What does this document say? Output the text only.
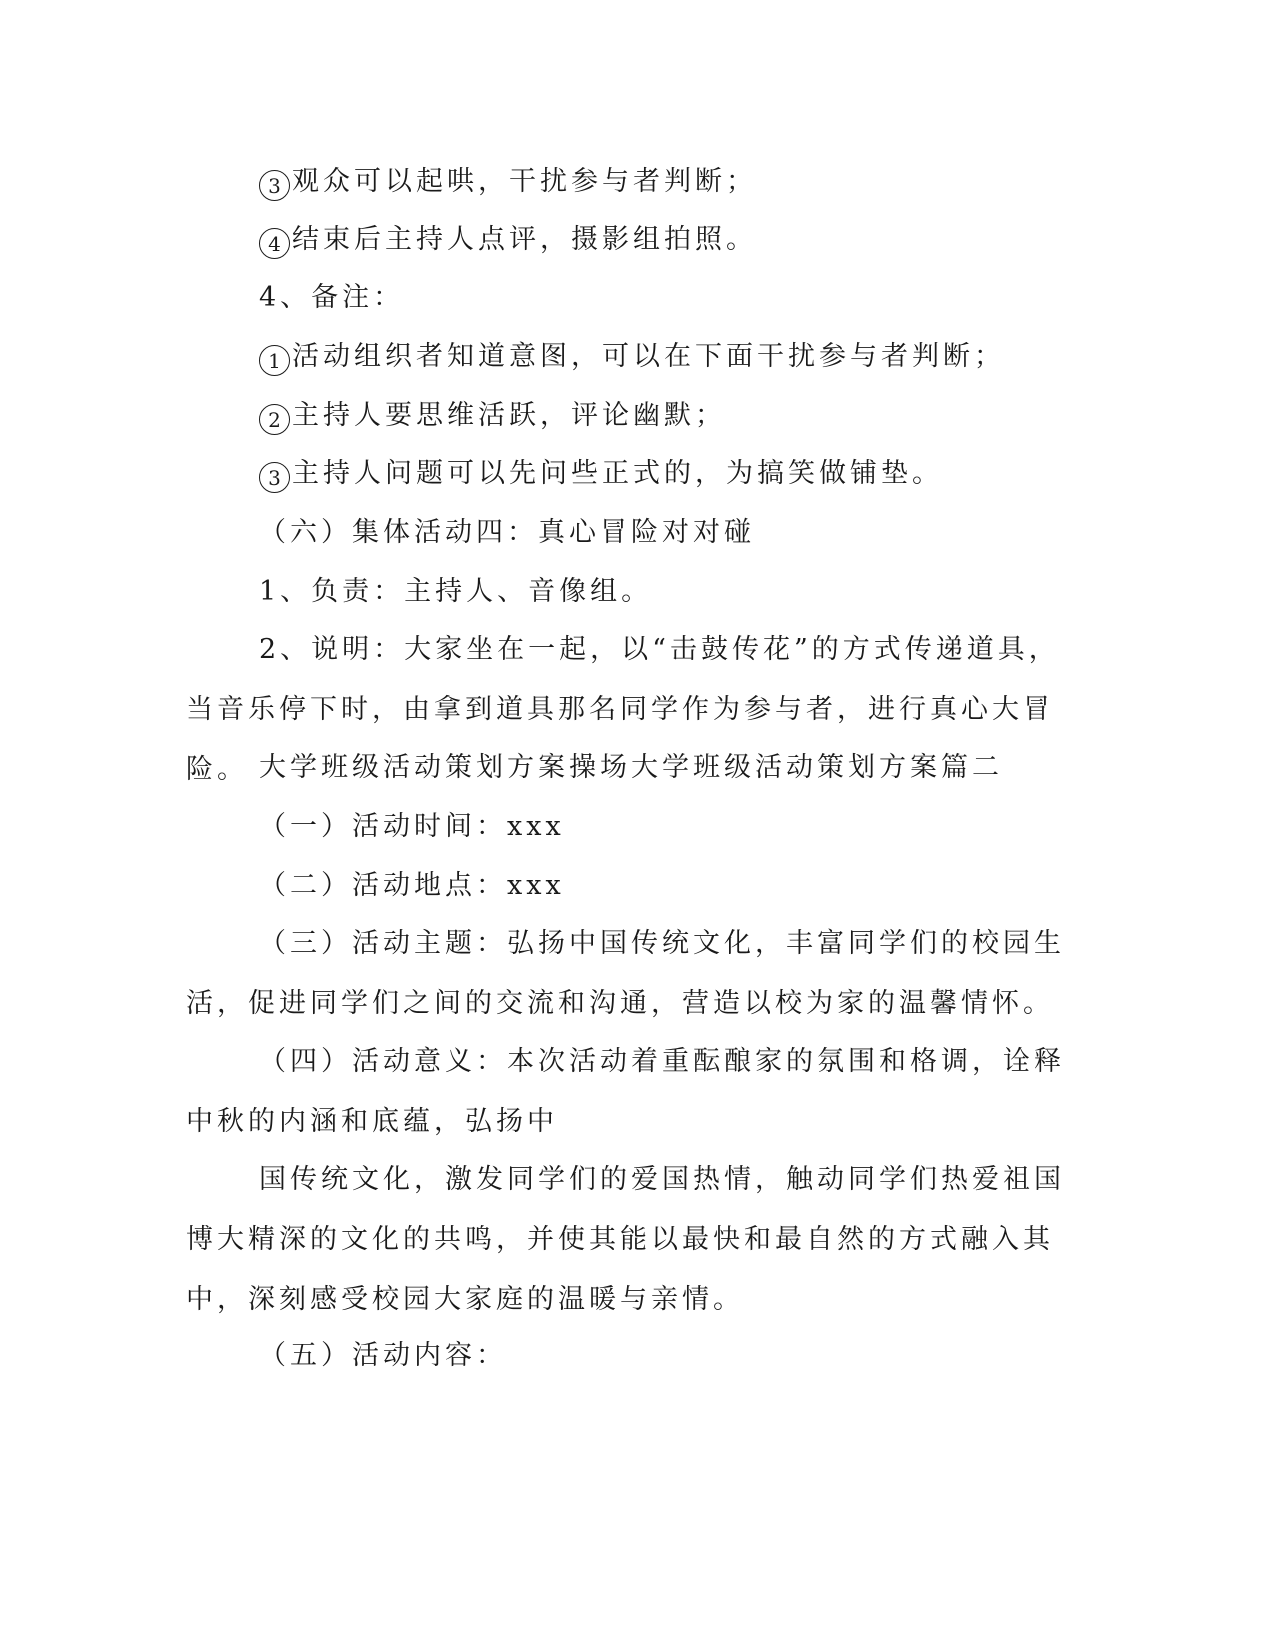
3 观众可以起哄，干扰参与者判断；

4 结束后主持人点评，摄影组拍照。

4、备注：

1 活动组织者知道意图，可以在下面干扰参与者判断；

2 主持人要思维活跃，评论幽默；

3 主持人问题可以先问些正式的，为搞笑做铺垫。

（六）集体活动四：真心冒险对对碰

1、负责：主持人、音像组。

2、说明：大家坐在一起，以“击鼓传花”的方式传递道具，当音乐停下时，由拿到道具那名同学作为参与者，进行真心大冒险。 大学班级活动策划方案操场大学班级活动策划方案篇二

（一）活动时间：xxx

（二）活动地点：xxx

（三）活动主题：弘扬中国传统文化，丰富同学们的校园生活，促进同学们之间的交流和沟通，营造以校为家的温馨情怀。

（四）活动意义：本次活动着重酝酿家的氛围和格调，诠释中秋的内涵和底蕴，弘扬中

国传统文化，激发同学们的爱国热情，触动同学们热爱祖国博大精深的文化的共鸣，并使其能以最快和最自然的方式融入其中，深刻感受校园大家庭的温暖与亲情。

（五）活动内容：
